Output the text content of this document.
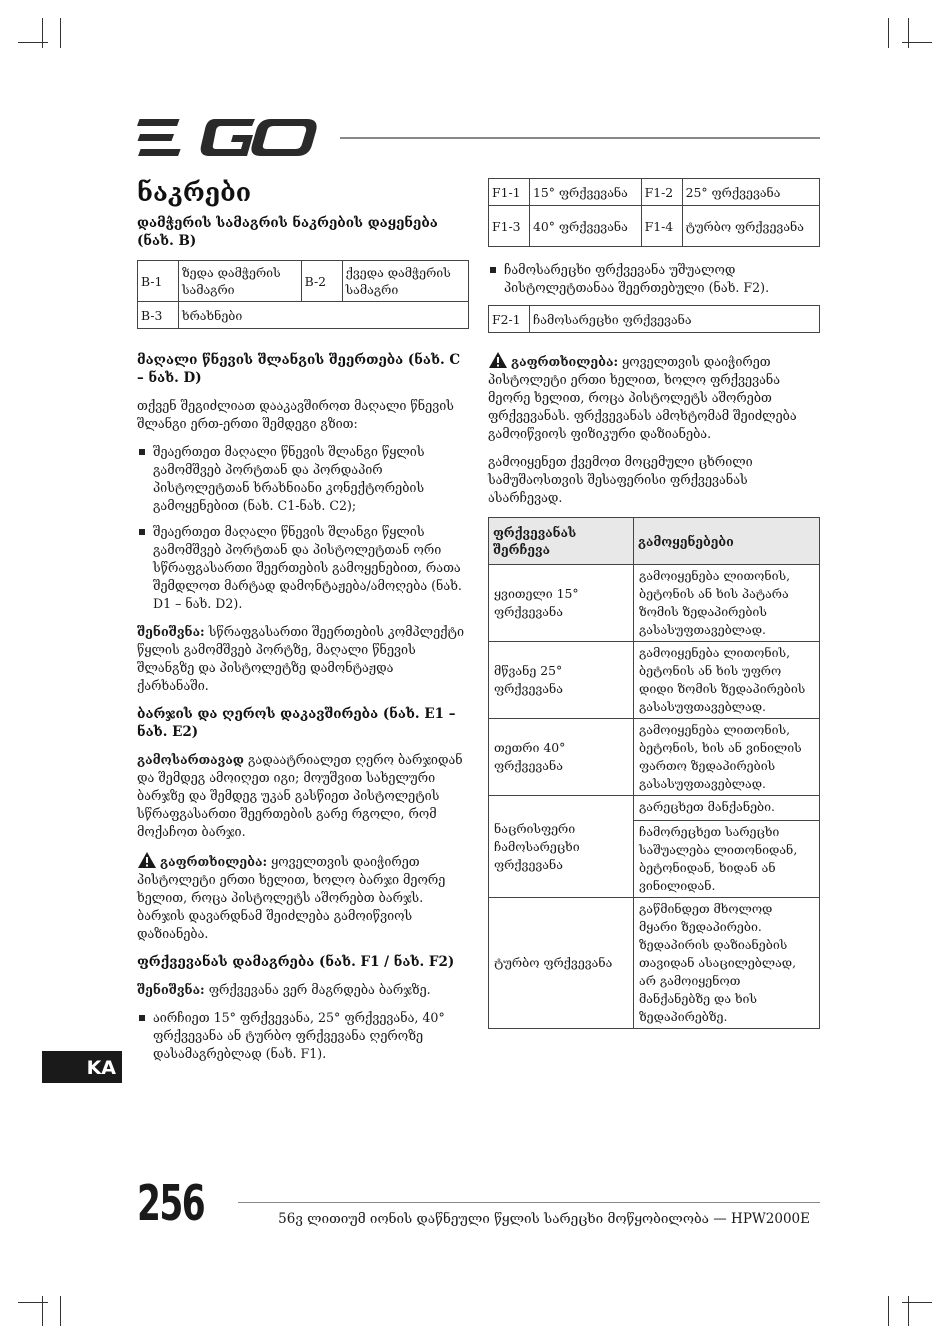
ნაკრები
დამჭერის სამაგრის ნაკრების დაყენება (ნახ. B)
B-1	ზედა დამჭერის სამაგრი	B-2	ქვედა დამჭერის სამაგრი
B-3	ხრახნები		
მაღალი წნევის შლანგის შეერთება (ნახ. C – ნახ. D)

თქვენ შეგიძლიათ დააკავშიროთ მაღალი წნევის შლანგი ერთ-ერთი შემდეგი გზით:

შეაერთეთ მაღალი წნევის შლანგი წყლის გამომშვებ პორტთან და პორდაპირ პისტოლეტთან ხრახნიანი კონექტორების გამოყენებით (ნახ. C1-ნახ. C2);
შეაერთეთ მაღალი წნევის შლანგი წყლის გამომშვებ პორტთან და პისტოლეტთან ორი სწრაფგასართი შეერთების გამოყენებით, რათა შემდლოთ მარტად დამონტაჟება/ამოღება (ნახ. D1 – ნახ. D2).

შენიშვნა: სწრაფგასართი შეერთების კომპლექტი წყლის გამომშვებ პორტზე, მაღალი წნევის შლანგზე და პისტოლეტზე დამონტაჟდა ქარხანაში.

ბარჯის და ღეროს დაკავშირება (ნახ. E1 – ნახ. E2)

გამოსართავად გადაატრიალეთ ღერო ბარჯიდან და შემდეგ ამოიღეთ იგი; მოუშვით სახელური ბარჯზე და შემდეგ უკან გასწიეთ პისტოლეტის სწრაფგასართი შეერთების გარე რგოლი, რომ მოქაჩოთ ბარჯი.

გაფრთხილება: ყოველთვის დაიჭირეთ პისტოლეტი ერთი ხელით, ხოლო ბარჯი მეორე ხელით, როცა პისტოლეტს აშორებთ ბარჯს. ბარჯის დავარდნამ შეიძლება გამოიწვიოს დაზიანება.

ფრქვევანას დამაგრება (ნახ. F1 / ნახ. F2)

შენიშვნა: ფრქვევანა ვერ მაგრდება ბარჯზე.

აირჩიეთ 15° ფრქვევანა, 25° ფრქვევანა, 40° ფრქვევანა ან ტურბო ფრქვევანა ღეროზე დასამაგრებლად (ნახ. F1).
F1-1	15° ფრქვევანა	F1-2	25° ფრქვევანა
F1-3	40° ფრქვევანა	F1-4	ტურბო ფრქვევანა
ჩამოსარეცხი ფრქვევანა უშუალოდ პისტოლეტთანაა შეერთებული (ნახ. F2).
F2-1	ჩამოსარეცხი ფრქვევანა

გაფრთხილება: ყოველთვის დაიჭირეთ პისტოლეტი ერთი ხელით, ხოლო ფრქვევანა მეორე ხელით, როცა პისტოლეტს აშორებთ ფრქვევანას. ფრქვევანას ამოხტომამ შეიძლება გამოიწვიოს ფიზიკური დაზიანება.

გამოიყენეთ ქვემოთ მოცემული ცხრილი სამუშაოსთვის შესაფერისი ფრქვევანას ასარჩევად.

ფრქვევანას შერჩევა	გამოყენებები
ყვითელი 15° ფრქვევანა	გამოიყენება ლითონის, ბეტონის ან ხის პატარა ზომის ზედაპირების გასასუფთავებლად.
მწვანე 25° ფრქვევანა	გამოიყენება ლითონის, ბეტონის ან ხის უფრო დიდი ზომის ზედაპირების გასასუფთავებლად.
თეთრი 40° ფრქვევანა	გამოიყენება ლითონის, ბეტონის, ხის ან ვინილის ფართო ზედაპირების გასასუფთავებლად.
ნაცრისფერი ჩამოსარეცხი ფრქვევანა	გარეცხეთ მანქანები.
	ჩამორეცხეთ სარეცხი საშუალება ლითონიდან, ბეტონიდან, ხიდან ან ვინილიდან.
ტურბო ფრქვევანა	გაწმინდეთ მხოლოდ მყარი ზედაპირები. ზედაპირის დაზიანების თავიდან ასაცილებლად, არ გამოიყენოთ მანქანებზე და ხის ზედაპირებზე.
KA
256	56ვ ლითიუმ იონის დაწნეული წყლის სარეცხი მოწყობილობა — HPW2000E
